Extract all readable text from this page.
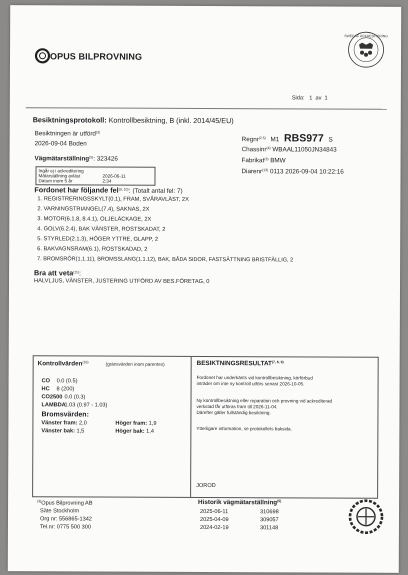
OPUS BILPROVNING
SWEDAC ACKREDITERING
Sida: 1 av 1
Besiktningsprotokoll: Kontrollbesiktning, B (inkl. 2014/45/EU)
Besiktningen är utförd$^{(3)}$
2026-09-04 Boden
Regnr$^{(2.5)}$ M1 RBS977 S
Chassinr$^{(4)}$ WBAAL11050JN34843
Fabrikat$^{(3)}$ BMW
Diarenr$^{(13)}$ 0113 2026-09-04 10:22:16
Vägmätarställning$^{(5)}$: 323426
Ingår ej i ackreditering
Mätarställning avläst	2026-06-11
Datum inom 5 år	2:34
Fordonet har följande fel$^{(9, 10)}$: (Totalt antal fel: 7)
1. REGISTRERINGSSKYLT(0.1), FRAM, SVÅRAVLÄST, 2X
2. VARNINGSTRIANGEL(7.4), SAKNAS, 2X
3. MOTOR(6.1.8, 8.4.1), OLJELÄCKAGE, 2X
4. GOLV(6.2.4), BAK VÄNSTER, ROSTSKADAT, 2
5. STYRLED(2.1.3), HÖGER YTTRE, GLAPP, 2
6. BAKVAGNSRAM(6.1), ROSTSKADAD, 2
7. BROMSRÖR(1.1.11), BROMSSLANG(1.1.12), BAK, BÅDA SIDOR, FASTSÄTTNING BRISTFÄLLIG, 2
Bra att veta$^{(11)}$:
HALVLJUS, VÄNSTER, JUSTERING UTFÖRD AV BES.FÖRETAG, 0
Kontrollvärden$^{(16)}$	(gränsvärden inom parentes)
CO 0.0 (0.5)
HC 8 (200)
CO2500 0.0 (0.3)
LAMBDA
1.03 (0.97 - 1.03)
Bromsvärden:
Vänster fram: 2,0	Höger fram: 1,9
Vänster bak: 1,5	Höger bak: 1,4
BESIKTNINGSRESULTAT$^{(7, 8, 9)}$
Fordonet har underkänts vid kontrollbesiktning, körförbud
inträder om inte ny kontroll utförs senast 2026-10-05.
Ny kontrollbesiktning eller reparation och provning vid ackrediterad
verkstad får utföras fram till 2026-11-04.
Därefter gäller fullständig besiktning.
Ytterligare information, se protokollets baksida.
JOROD
$^{(3)}$Opus Bilprovning AB
Säte Stockholm
Org nr: 556865-1342
Tel.nr: 0775 500 300
Historik vägmätarställning$^{(5)}$
2025-06-11	310698
2025-04-09	309057
2024-02-19	301148
